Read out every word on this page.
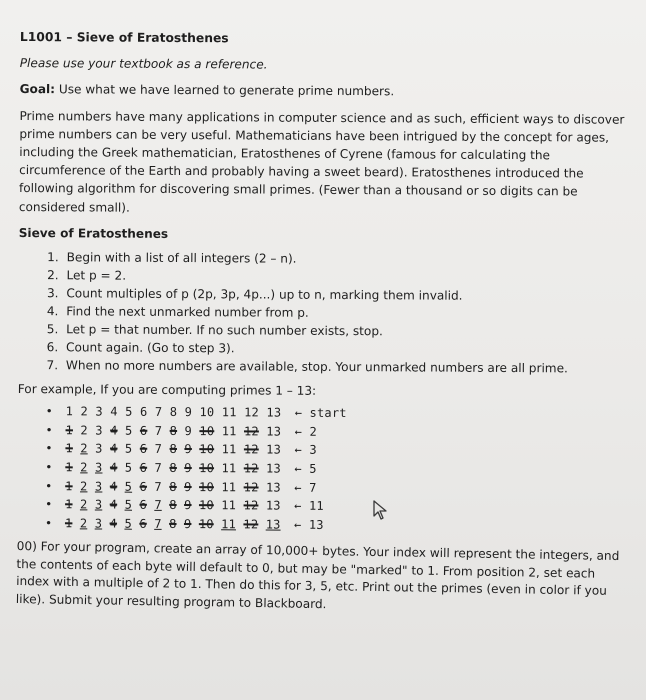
L1001 – Sieve of Eratosthenes
Please use your textbook as a reference.
Goal: Use what we have learned to generate prime numbers.
Prime numbers have many applications in computer science and as such, efficient ways to discover prime numbers can be very useful. Mathematicians have been intrigued by the concept for ages, including the Greek mathematician, Eratosthenes of Cyrene (famous for calculating the circumference of the Earth and probably having a sweet beard). Eratosthenes introduced the following algorithm for discovering small primes. (Fewer than a thousand or so digits can be considered small).
Sieve of Eratosthenes
1. Begin with a list of all integers (2 – n).
2. Let p = 2.
3. Count multiples of p (2p, 3p, 4p...) up to n, marking them invalid.
4. Find the next unmarked number from p.
5. Let p = that number. If no such number exists, stop.
6. Count again. (Go to step 3).
7. When no more numbers are available, stop. Your unmarked numbers are all prime.
For example, If you are computing primes 1 – 13:
• 1 2 3 4 5 6 7 8 9 10 11 12 13 ← start
• 1 2 3 4 5 6 7 8 9 10 11 12 13 ← 2
• 1 2 3 4 5 6 7 8 9 10 11 12 13 ← 3
• 1 2 3 4 5 6 7 8 9 10 11 12 13 ← 5
• 1 2 3 4 5 6 7 8 9 10 11 12 13 ← 7
• 1 2 3 4 5 6 7 8 9 10 11 12 13 ← 11
• 1 2 3 4 5 6 7 8 9 10 11 12 13 ← 13
00) For your program, create an array of 10,000+ bytes. Your index will represent the integers, and the contents of each byte will default to 0, but may be "marked" to 1. From position 2, set each index with a multiple of 2 to 1. Then do this for 3, 5, etc. Print out the primes (even in color if you like). Submit your resulting program to Blackboard.
